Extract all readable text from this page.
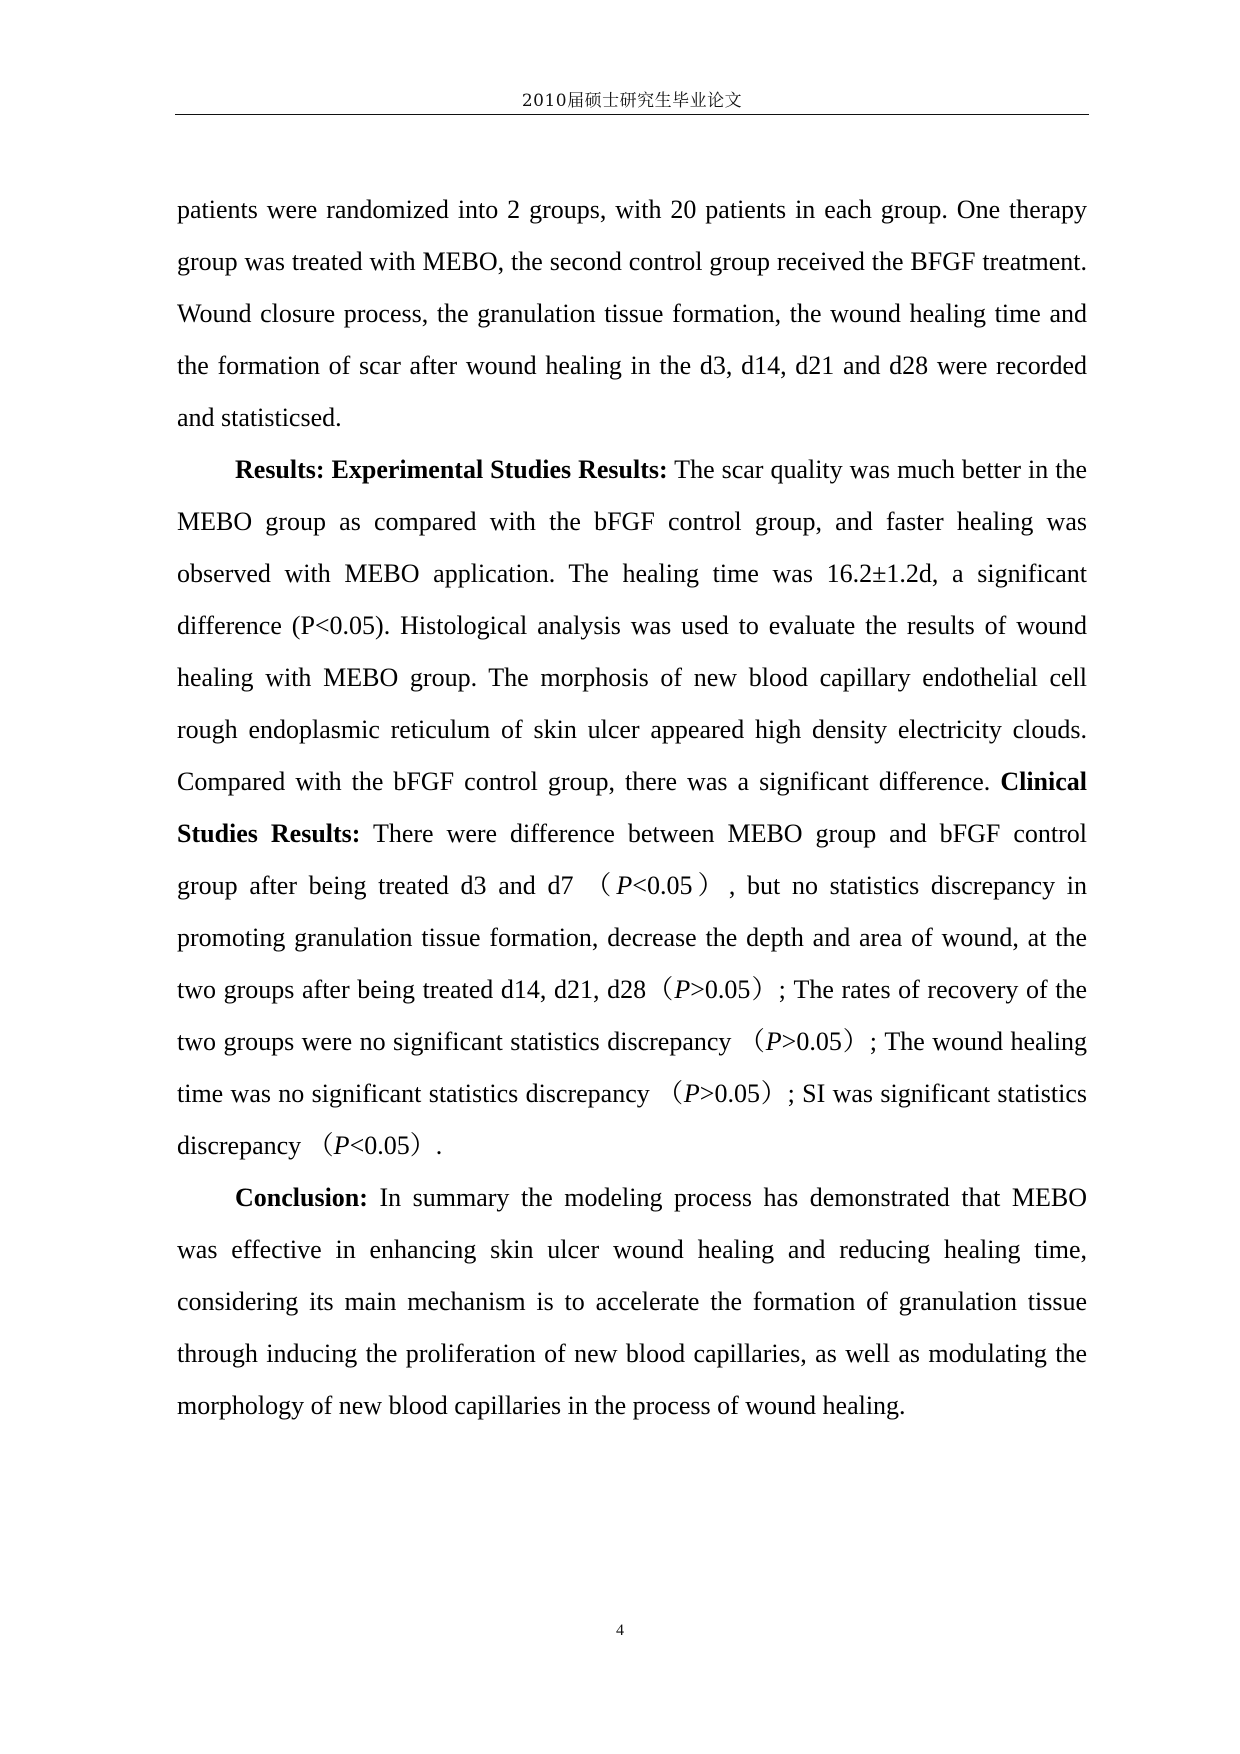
2010届硕士研究生毕业论文

patients were randomized into 2 groups, with 20 patients in each group. One therapy group was treated with MEBO, the second control group received the BFGF treatment. Wound closure process, the granulation tissue formation, the wound healing time and the formation of scar after wound healing in the d3, d14, d21 and d28 were recorded and statisticsed.

Results: Experimental Studies Results: The scar quality was much better in the MEBO group as compared with the bFGF control group, and faster healing was observed with MEBO application. The healing time was 16.2±1.2d, a significant difference (P<0.05). Histological analysis was used to evaluate the results of wound healing with MEBO group. The morphosis of new blood capillary endothelial cell rough endoplasmic reticulum of skin ulcer appeared high density electricity clouds. Compared with the bFGF control group, there was a significant difference. Clinical Studies Results: There were difference between MEBO group and bFGF control group after being treated d3 and d7 （P<0.05）, but no statistics discrepancy in promoting granulation tissue formation, decrease the depth and area of wound, at the two groups after being treated d14, d21, d28（P>0.05）; The rates of recovery of the two groups were no significant statistics discrepancy （P>0.05）; The wound healing time was no significant statistics discrepancy （P>0.05）; SI was significant statistics discrepancy （P<0.05）.

Conclusion: In summary the modeling process has demonstrated that MEBO was effective in enhancing skin ulcer wound healing and reducing healing time, considering its main mechanism is to accelerate the formation of granulation tissue through inducing the proliferation of new blood capillaries, as well as modulating the morphology of new blood capillaries in the process of wound healing.

4
